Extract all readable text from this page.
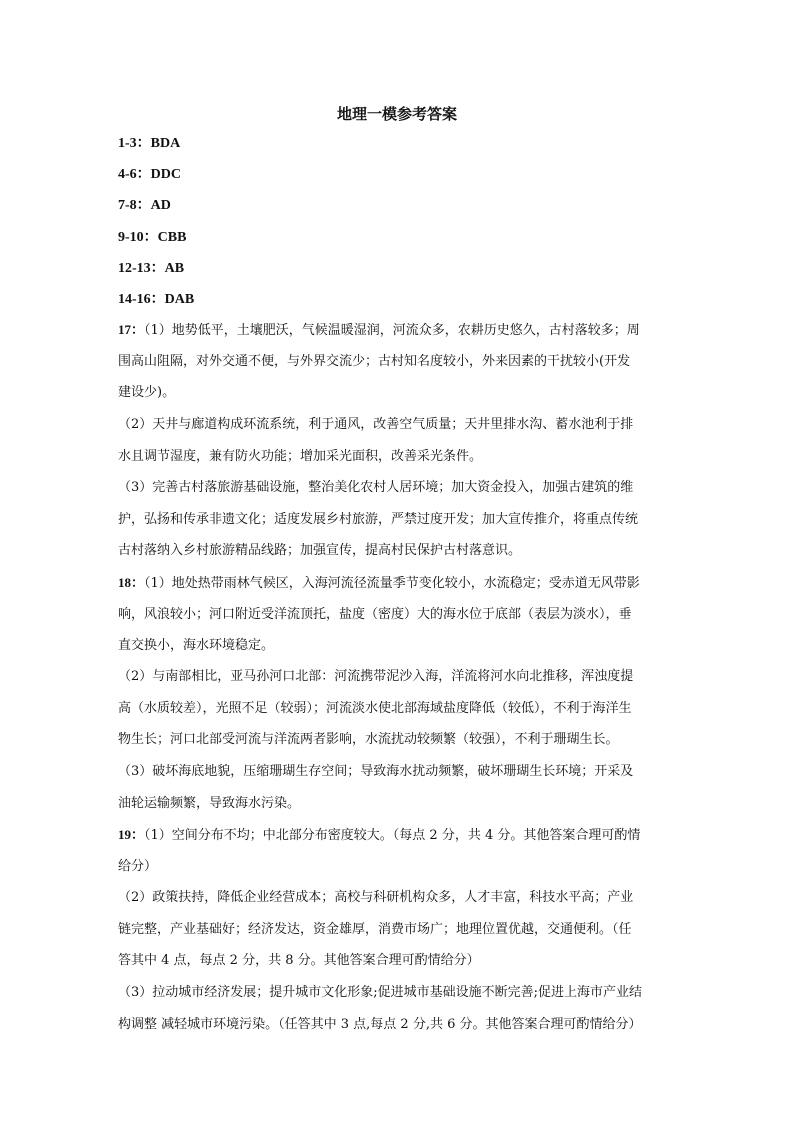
地理一模参考答案
1-3：BDA
4-6：DDC
7-8：AD
9-10：CBB
12-13：AB
14-16：DAB
17：（1）地势低平，土壤肥沃，气候温暖湿润，河流众多，农耕历史悠久，古村落较多；周
围高山阻隔，对外交通不便，与外界交流少；古村知名度较小，外来因素的干扰较小(开发
建设少)。
（2）天井与廊道构成环流系统，利于通风，改善空气质量；天井里排水沟、蓄水池利于排
水且调节湿度，兼有防火功能；增加采光面积，改善采光条件。
（3）完善古村落旅游基础设施，整治美化农村人居环境；加大资金投入，加强古建筑的维
护，弘扬和传承非遗文化；适度发展乡村旅游，严禁过度开发；加大宣传推介，将重点传统
古村落纳入乡村旅游精品线路；加强宣传，提高村民保护古村落意识。
18：（1）地处热带雨林气候区，入海河流径流量季节变化较小，水流稳定；受赤道无风带影
响，风浪较小；河口附近受洋流顶托，盐度（密度）大的海水位于底部（表层为淡水），垂
直交换小，海水环境稳定。
（2）与南部相比，亚马孙河口北部：河流携带泥沙入海，洋流将河水向北推移，浑浊度提
高（水质较差），光照不足（较弱）；河流淡水使北部海域盐度降低（较低），不利于海洋生
物生长；河口北部受河流与洋流两者影响，水流扰动较频繁（较强），不利于珊瑚生长。
（3）破坏海底地貌，压缩珊瑚生存空间；导致海水扰动频繁，破坏珊瑚生长环境；开采及
油轮运输频繁，导致海水污染。
19：（1）空间分布不均；中北部分布密度较大。（每点 2 分，共 4 分。其他答案合理可酌情
给分）
（2）政策扶持，降低企业经营成本；高校与科研机构众多，人才丰富，科技水平高；产业
链完整，产业基础好；经济发达，资金雄厚，消费市场广；地理位置优越，交通便利。（任
答其中 4 点，每点 2 分，共 8 分。其他答案合理可酌情给分）
（3）拉动城市经济发展；提升城市文化形象;促进城市基础设施不断完善;促进上海市产业结
构调整 减轻城市环境污染。（任答其中 3 点,每点 2 分,共 6 分。其他答案合理可酌情给分）
